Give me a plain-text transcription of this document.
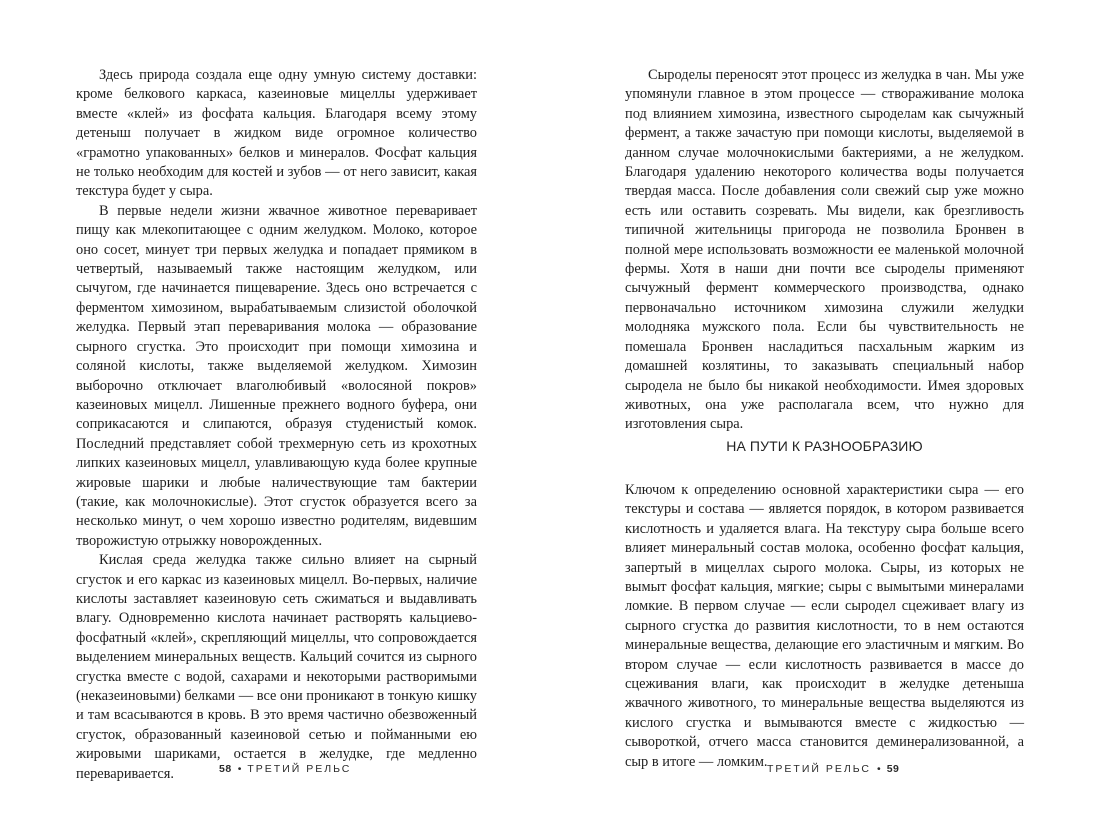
Здесь природа создала еще одну умную систему доставки: кроме белкового каркаса, казеиновые мицеллы удерживает вместе «клей» из фосфата кальция. Благодаря всему этому детеныш получает в жидком виде огромное количество «грамотно упакованных» белков и минералов. Фосфат кальция не только необходим для костей и зубов — от него зависит, какая текстура будет у сыра.

В первые недели жизни жвачное животное переваривает пищу как млекопитающее с одним желудком. Молоко, которое оно сосет, минует три первых желудка и попадает прямиком в четвертый, называемый также настоящим желудком, или сычугом, где начинается пищеварение. Здесь оно встречается с ферментом химозином, вырабатываемым слизистой оболочкой желудка. Первый этап переваривания молока — образование сырного сгустка. Это происходит при помощи химозина и соляной кислоты, также выделяемой желудком. Химозин выборочно отключает влаголюбивый «волосяной покров» казеиновых мицелл. Лишенные прежнего водного буфера, они соприкасаются и слипаются, образуя студенистый комок. Последний представляет собой трехмерную сеть из крохотных липких казеиновых мицелл, улавливающую куда более крупные жировые шарики и любые наличествующие там бактерии (такие, как молочнокислые). Этот сгусток образуется всего за несколько минут, о чем хорошо известно родителям, видевшим творожистую отрыжку новорожденных.

Кислая среда желудка также сильно влияет на сырный сгусток и его каркас из казеиновых мицелл. Во-первых, наличие кислоты заставляет казеиновую сеть сжиматься и выдавливать влагу. Одновременно кислота начинает растворять кальциево-фосфатный «клей», скрепляющий мицеллы, что сопровождается выделением минеральных веществ. Кальций сочится из сырного сгустка вместе с водой, сахарами и некоторыми растворимыми (неказеиновыми) белками — все они проникают в тонкую кишку и там всасываются в кровь. В это время частично обезвоженный сгусток, образованный казеиновой сетью и пойманными ею жировыми шариками, остается в желудке, где медленно переваривается.	58 • ТРЕТИЙ РЕЛЬС

Сыроделы переносят этот процесс из желудка в чан. Мы уже упомянули главное в этом процессе — створаживание молока под влиянием химозина, известного сыроделам как сычужный фермент, а также зачастую при помощи кислоты, выделяемой в данном случае молочнокислыми бактериями, а не желудком. Благодаря удалению некоторого количества воды получается твердая масса. После добавления соли свежий сыр уже можно есть или оставить созревать. Мы видели, как брезгливость типичной жительницы пригорода не позволила Бронвен в полной мере использовать возможности ее маленькой молочной фермы. Хотя в наши дни почти все сыроделы применяют сычужный фермент коммерческого производства, однако первоначально источником химозина служили желудки молодняка мужского пола. Если бы чувствительность не помешала Бронвен насладиться пасхальным жарким из домашней козлятины, то заказывать специальный набор сыродела не было бы никакой необходимости. Имея здоровых животных, она уже располагала всем, что нужно для изготовления сыра.

НА ПУТИ К РАЗНООБРАЗИЮ

Ключом к определению основной характеристики сыра — его текстуры и состава — является порядок, в котором развивается кислотность и удаляется влага. На текстуру сыра больше всего влияет минеральный состав молока, особенно фосфат кальция, запертый в мицеллах сырого молока. Сыры, из которых не вымыт фосфат кальция, мягкие; сыры с вымытыми минералами ломкие. В первом случае — если сыродел сцеживает влагу из сырного сгустка до развития кислотности, то в нем остаются минеральные вещества, делающие его эластичным и мягким. Во втором случае — если кислотность развивается в массе до сцеживания влаги, как происходит в желудке детеныша жвачного животного, то минеральные вещества выделяются из кислого сгустка и вымываются вместе с жидкостью — сывороткой, отчего масса становится деминерализованной, а сыр в итоге — ломким. ТРЕТИЙ РЕЛЬС • 59
